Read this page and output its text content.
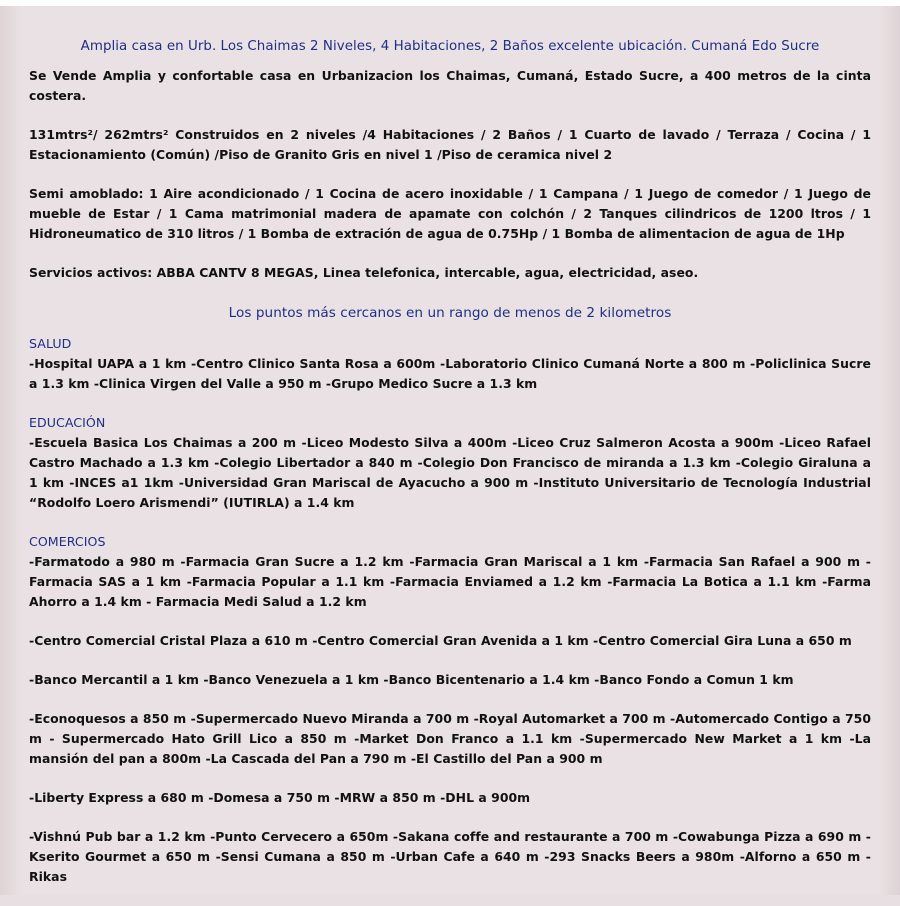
Amplia casa en Urb. Los Chaimas 2 Niveles, 4 Habitaciones, 2 Baños excelente ubicación. Cumaná Edo Sucre

Se Vende Amplia y confortable casa en Urbanizacion los Chaimas, Cumaná, Estado Sucre, a 400 metros de la cinta costera.

131mtrs²/ 262mtrs² Construidos en 2 niveles /4 Habitaciones / 2 Baños / 1 Cuarto de lavado / Terraza / Cocina / 1 Estacionamiento (Común) /Piso de Granito Gris en nivel 1 /Piso de ceramica nivel 2

Semi amoblado: 1 Aire acondicionado / 1 Cocina de acero inoxidable / 1 Campana / 1 Juego de comedor / 1 Juego de mueble de Estar / 1 Cama matrimonial madera de apamate con colchón / 2 Tanques cilindricos de 1200 ltros / 1 Hidroneumatico de 310 litros / 1 Bomba de extración de agua de 0.75Hp / 1 Bomba de alimentacion de agua de 1Hp

Servicios activos: ABBA CANTV 8 MEGAS, Linea telefonica, intercable, agua, electricidad, aseo.

Los puntos más cercanos en un rango de menos de 2 kilometros
SALUD

-Hospital UAPA a 1 km -Centro Clinico Santa Rosa a 600m -Laboratorio Clinico Cumaná Norte a 800 m -Policlinica Sucre a 1.3 km -Clinica Virgen del Valle a 950 m -Grupo Medico Sucre a 1.3 km

EDUCACIÓN

-Escuela Basica Los Chaimas a 200 m -Liceo Modesto Silva a 400m -Liceo Cruz Salmeron Acosta a 900m -Liceo Rafael Castro Machado a 1.3 km -Colegio Libertador a 840 m -Colegio Don Francisco de miranda a 1.3 km -Colegio Giraluna a 1 km -INCES a1 1km -Universidad Gran Mariscal de Ayacucho a 900 m -Instituto Universitario de Tecnología Industrial “Rodolfo Loero Arismendi” (IUTIRLA) a 1.4 km

COMERCIOS

-Farmatodo a 980 m -Farmacia Gran Sucre a 1.2 km -Farmacia Gran Mariscal a 1 km -Farmacia San Rafael a 900 m -Farmacia SAS a 1 km -Farmacia Popular a 1.1 km -Farmacia Enviamed a 1.2 km -Farmacia La Botica a 1.1 km -Farma Ahorro a 1.4 km - Farmacia Medi Salud a 1.2 km

-Centro Comercial Cristal Plaza a 610 m -Centro Comercial Gran Avenida a 1 km -Centro Comercial Gira Luna a 650 m

-Banco Mercantil a 1 km -Banco Venezuela a 1 km -Banco Bicentenario a 1.4 km -Banco Fondo a Comun 1 km

-Econoquesos a 850 m -Supermercado Nuevo Miranda a 700 m -Royal Automarket a 700 m -Automercado Contigo a 750 m - Supermercado Hato Grill Lico a 850 m -Market Don Franco a 1.1 km -Supermercado New Market a 1 km -La mansión del pan a 800m -La Cascada del Pan a 790 m -El Castillo del Pan a 900 m

-Liberty Express a 680 m -Domesa a 750 m -MRW a 850 m -DHL a 900m

-Vishnú Pub bar a 1.2 km -Punto Cervecero a 650m -Sakana coffe and restaurante a 700 m -Cowabunga Pizza a 690 m - Kserito Gourmet a 650 m -Sensi Cumana a 850 m -Urban Cafe a 640 m -293 Snacks Beers a 980m -Alforno a 650 m -Rikas
